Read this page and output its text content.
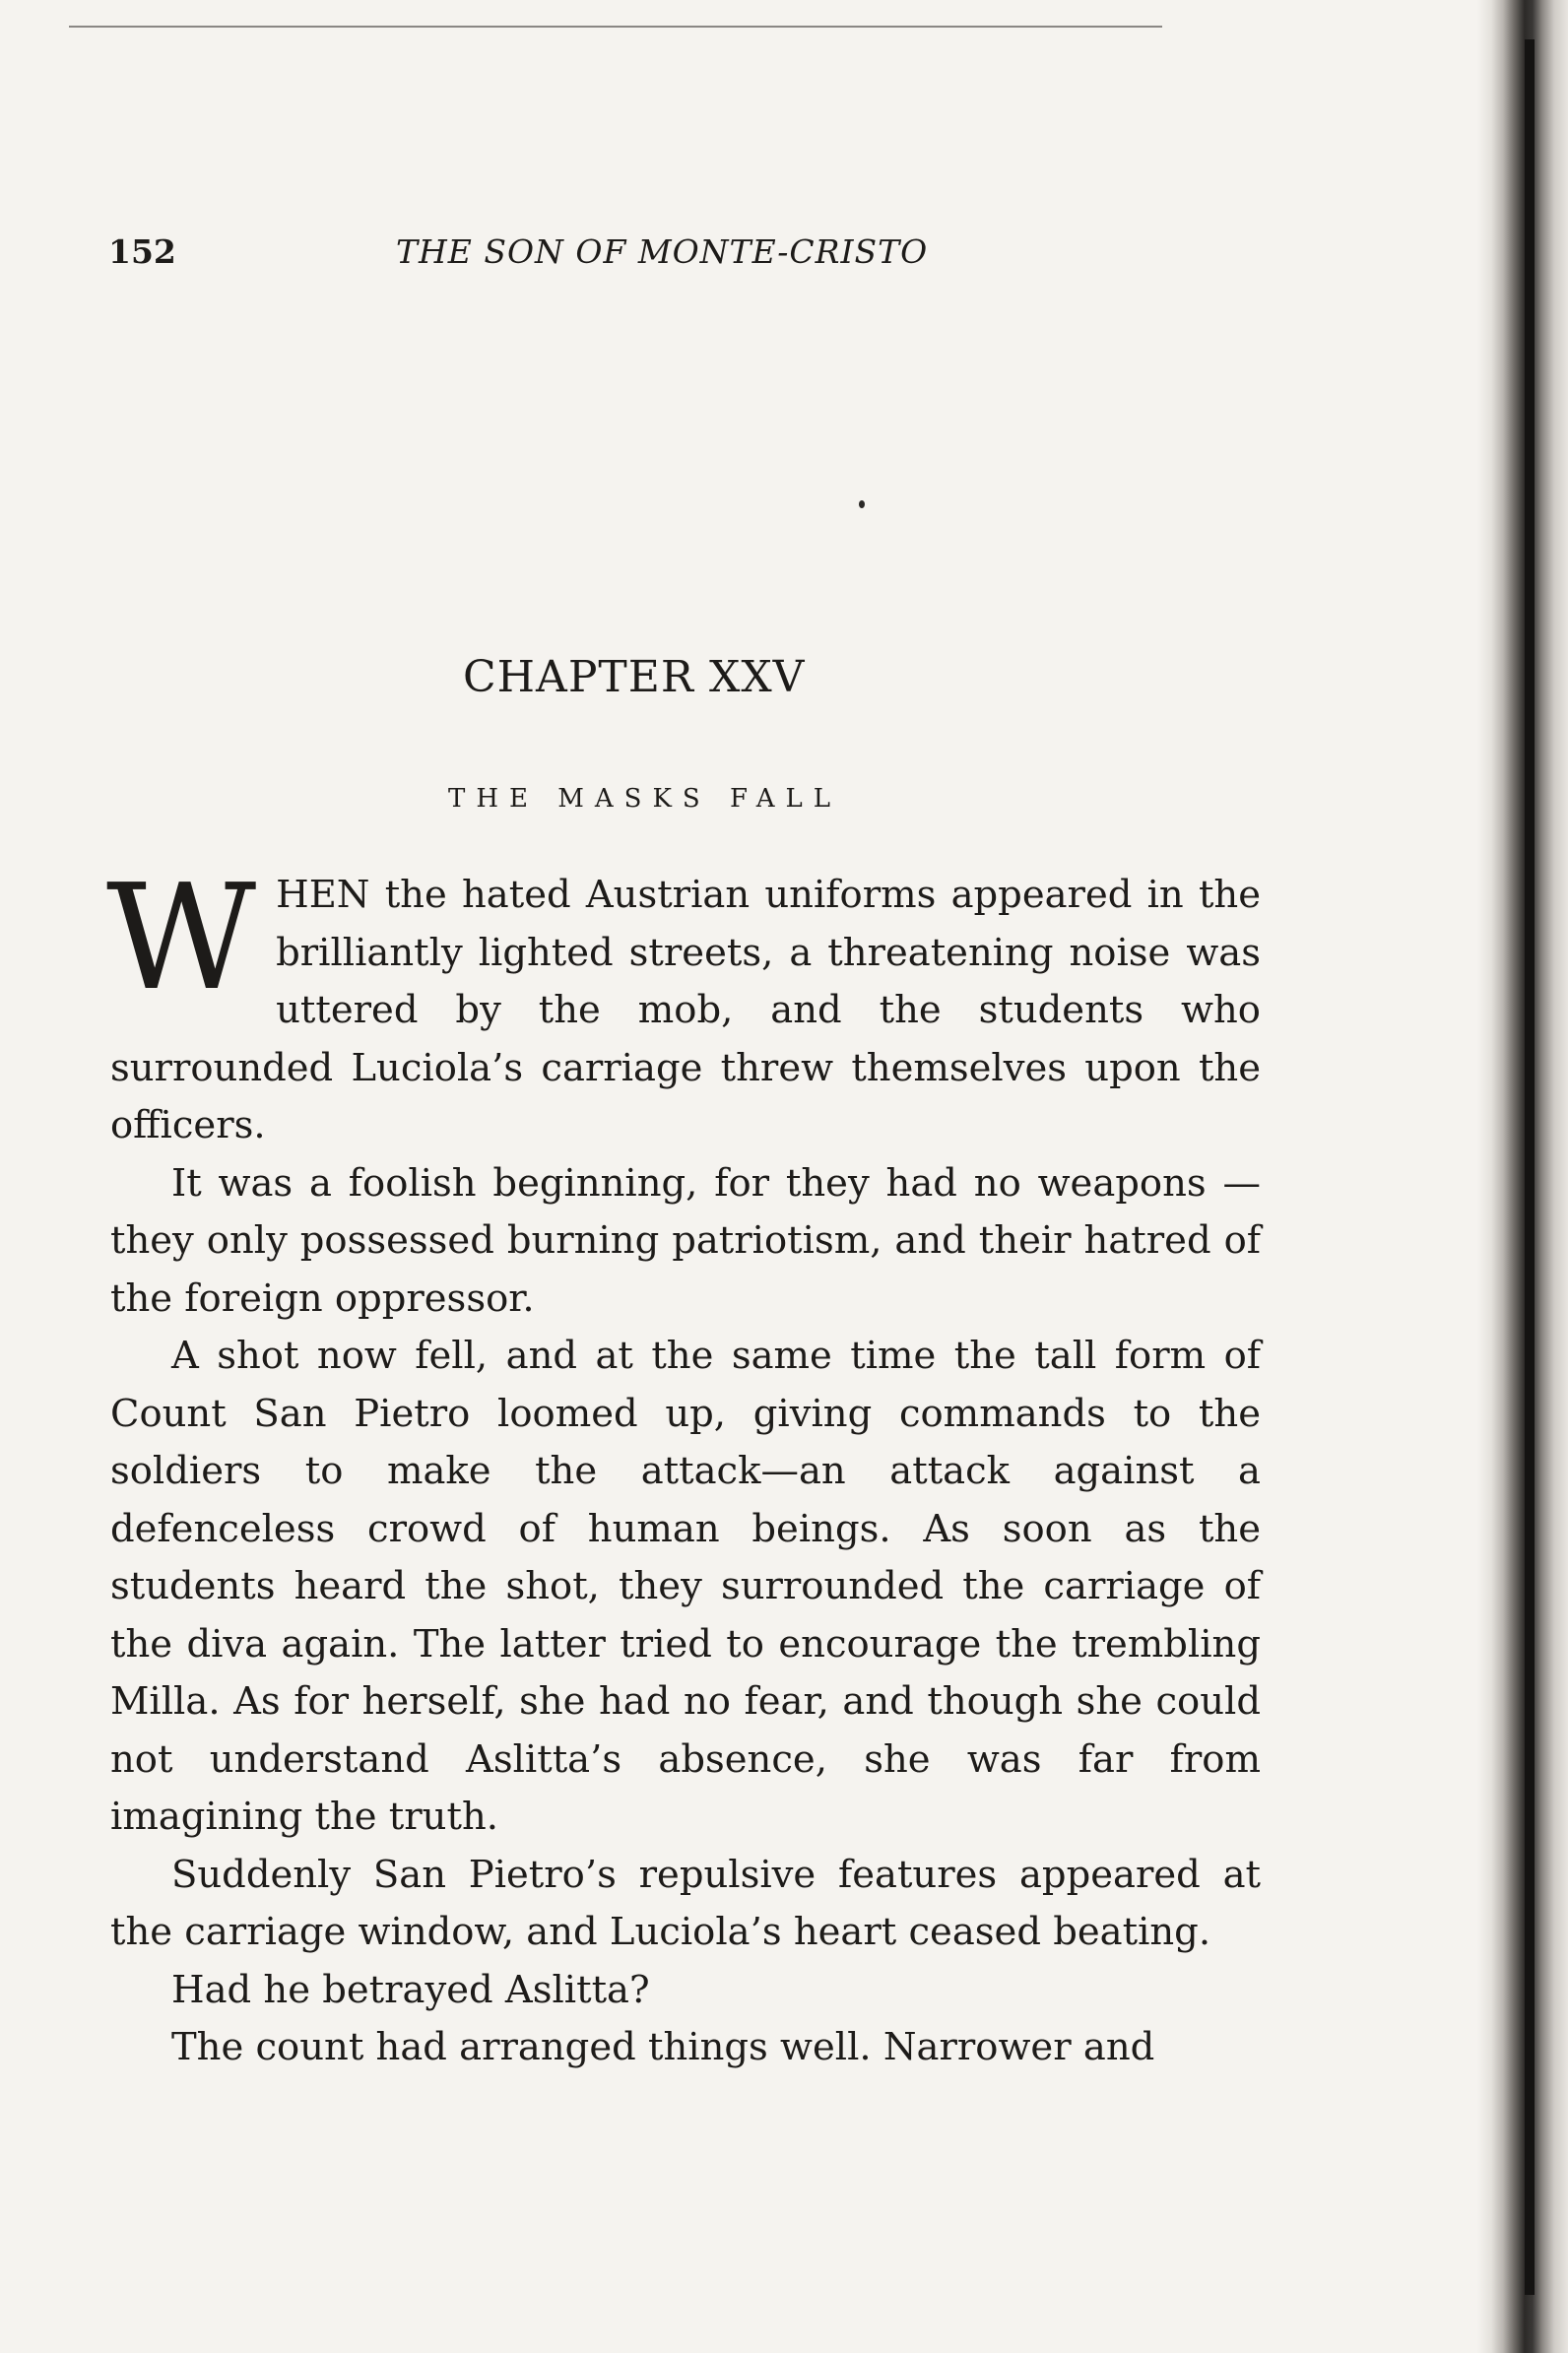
152	THE SON OF MONTE-CRISTO
CHAPTER XXV
THE MASKS FALL

WHEN the hated Austrian uniforms appeared in the brilliantly lighted streets, a threatening noise was uttered by the mob, and the students who surrounded Luciola’s carriage threw themselves upon the officers.

It was a foolish beginning, for they had no weapons —they only possessed burning patriotism, and their hatred of the foreign oppressor.

A shot now fell, and at the same time the tall form of Count San Pietro loomed up, giving commands to the soldiers to make the attack—an attack against a defenceless crowd of human beings. As soon as the students heard the shot, they surrounded the carriage of the diva again. The latter tried to encourage the trembling Milla. As for herself, she had no fear, and though she could not understand Aslitta’s absence, she was far from imagining the truth.

Suddenly San Pietro’s repulsive features appeared at the carriage window, and Luciola’s heart ceased beating.

Had he betrayed Aslitta?

The count had arranged things well. Narrower and
